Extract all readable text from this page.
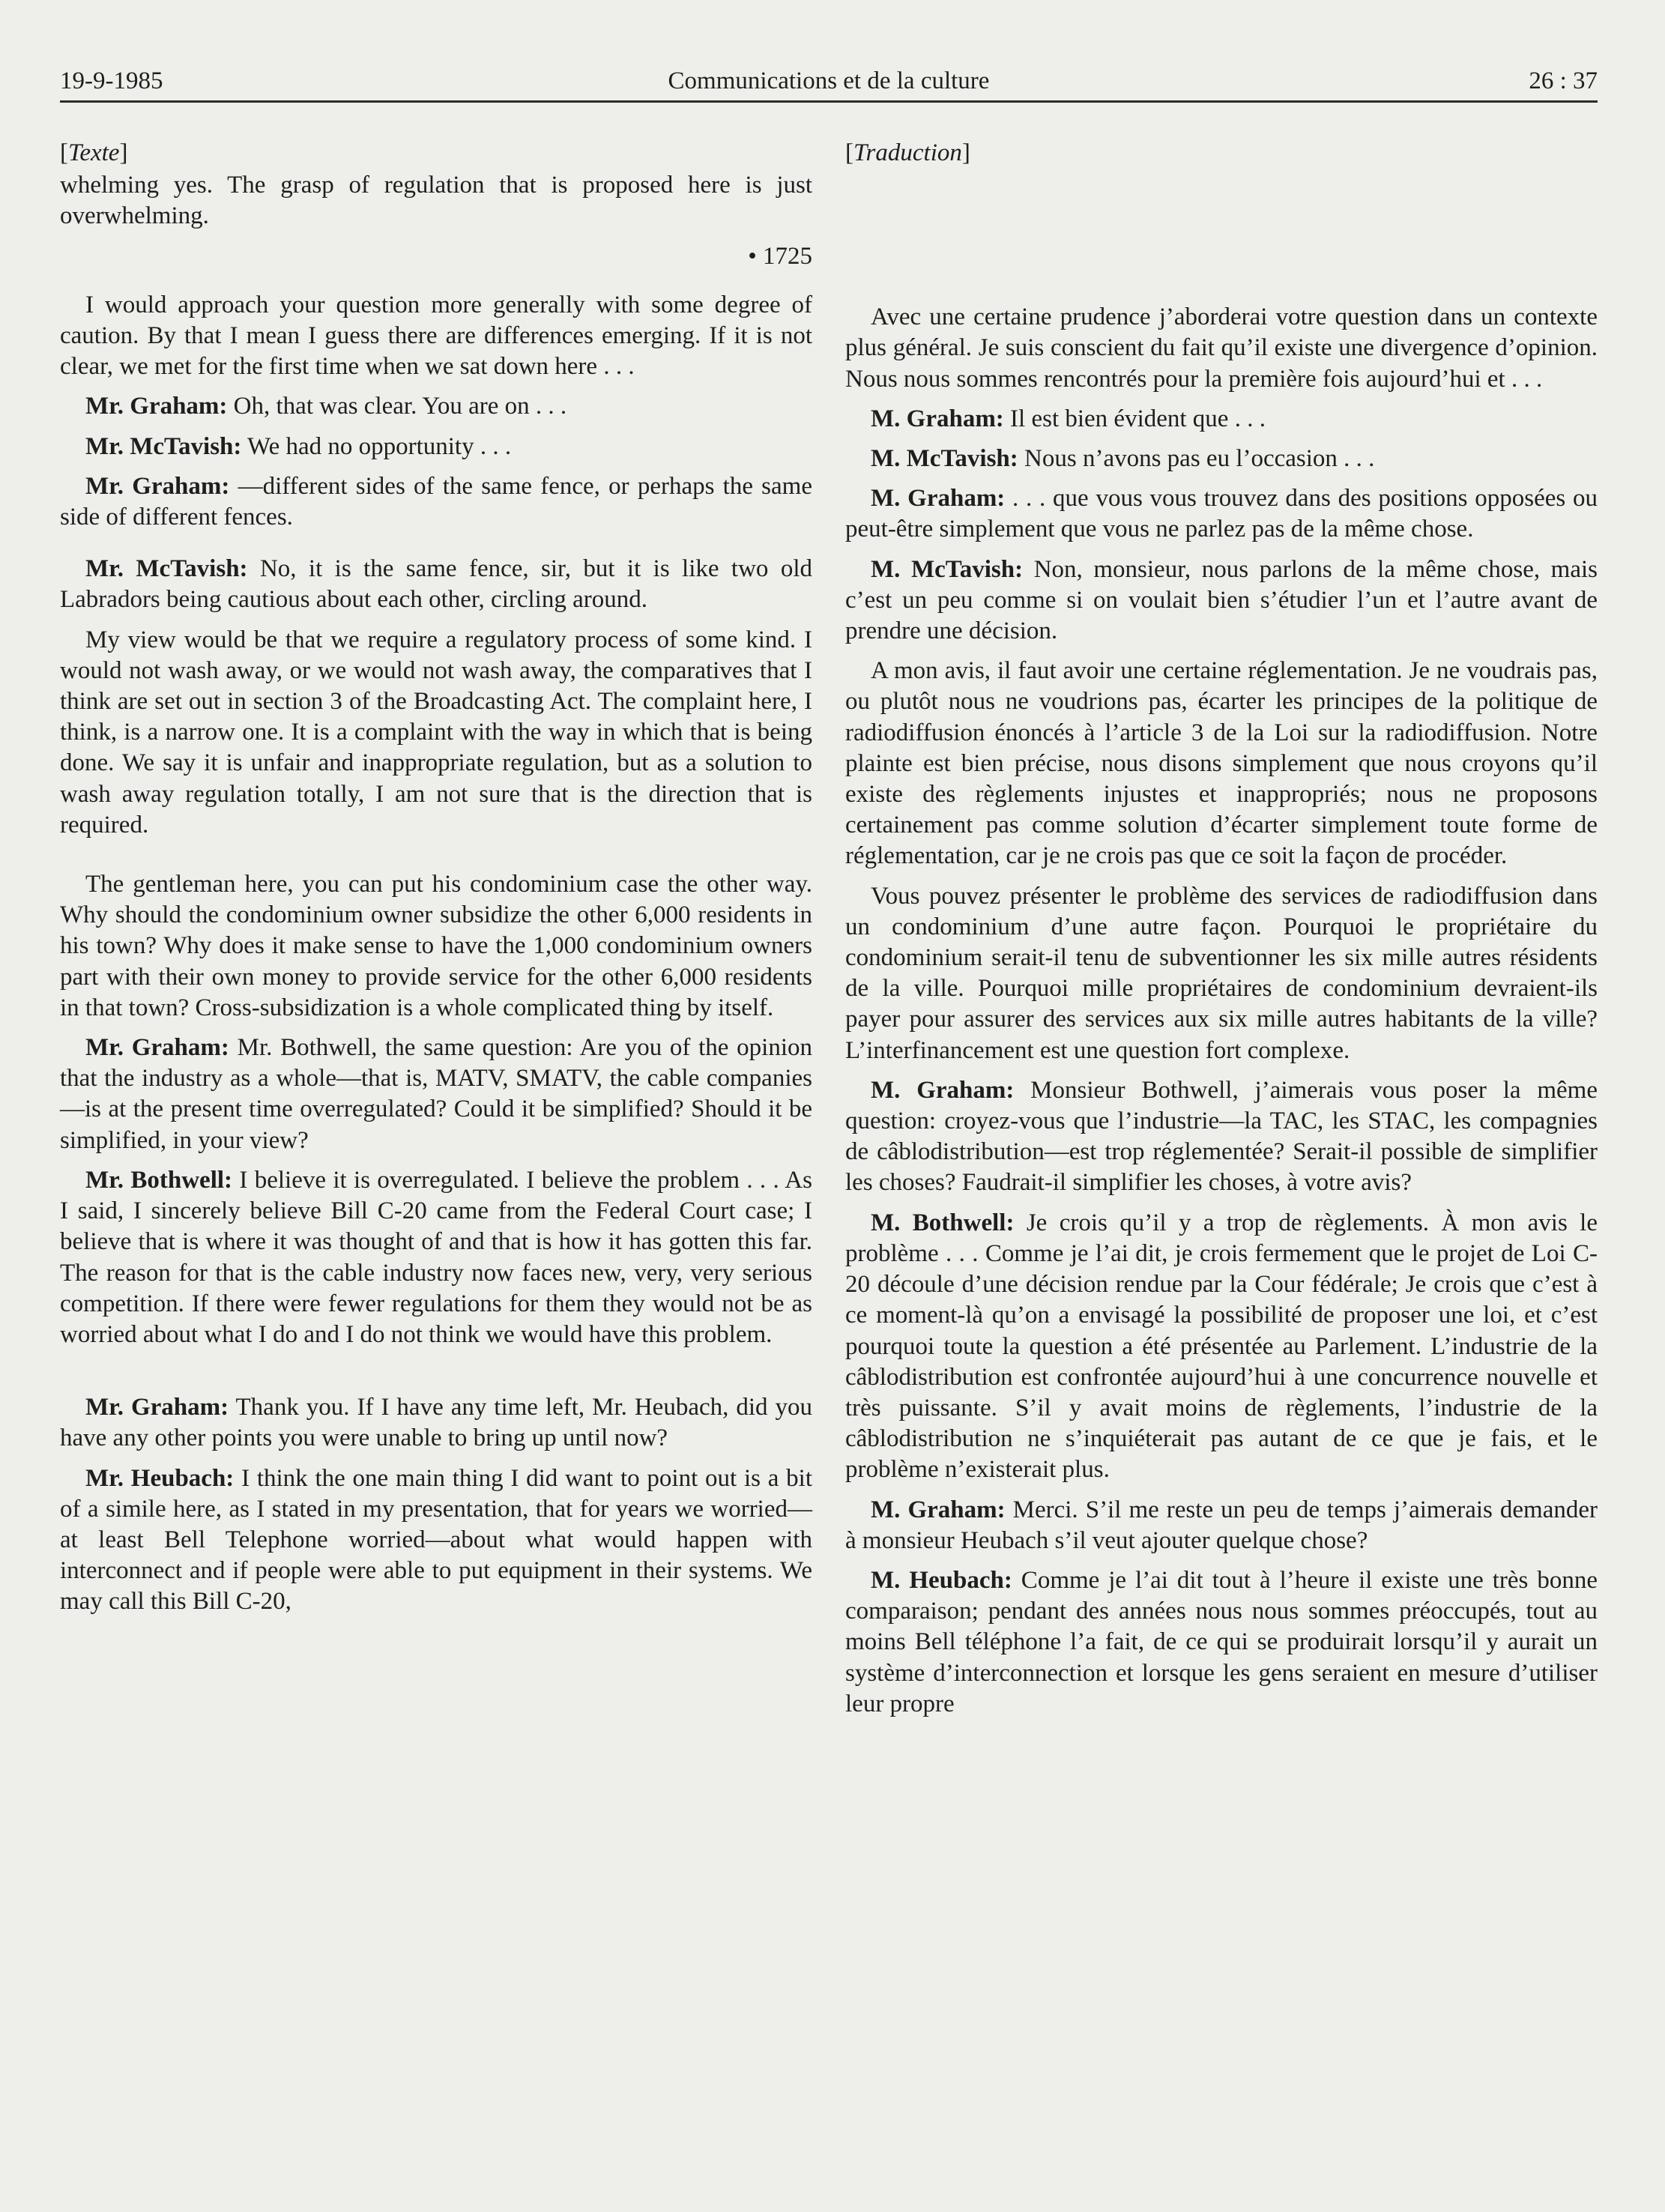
19-9-1985	Communications et de la culture	26 : 37
[Texte]

whelming yes. The grasp of regulation that is proposed here is just overwhelming.

• 1725

I would approach your question more generally with some degree of caution. By that I mean I guess there are differences emerging. If it is not clear, we met for the first time when we sat down here . . .

Mr. Graham: Oh, that was clear. You are on . . .

Mr. McTavish: We had no opportunity . . .

Mr. Graham: —different sides of the same fence, or perhaps the same side of different fences.

Mr. McTavish: No, it is the same fence, sir, but it is like two old Labradors being cautious about each other, circling around.

My view would be that we require a regulatory process of some kind. I would not wash away, or we would not wash away, the comparatives that I think are set out in section 3 of the Broadcasting Act. The complaint here, I think, is a narrow one. It is a complaint with the way in which that is being done. We say it is unfair and inappropriate regulation, but as a solution to wash away regulation totally, I am not sure that is the direction that is required.

The gentleman here, you can put his condominium case the other way. Why should the condominium owner subsidize the other 6,000 residents in his town? Why does it make sense to have the 1,000 condominium owners part with their own money to provide service for the other 6,000 residents in that town? Cross-subsidization is a whole complicated thing by itself.

Mr. Graham: Mr. Bothwell, the same question: Are you of the opinion that the industry as a whole—that is, MATV, SMATV, the cable companies—is at the present time overregulated? Could it be simplified? Should it be simplified, in your view?

Mr. Bothwell: I believe it is overregulated. I believe the problem . . . As I said, I sincerely believe Bill C-20 came from the Federal Court case; I believe that is where it was thought of and that is how it has gotten this far. The reason for that is the cable industry now faces new, very, very serious competition. If there were fewer regulations for them they would not be as worried about what I do and I do not think we would have this problem.

Mr. Graham: Thank you. If I have any time left, Mr. Heubach, did you have any other points you were unable to bring up until now?

Mr. Heubach: I think the one main thing I did want to point out is a bit of a simile here, as I stated in my presentation, that for years we worried—at least Bell Telephone worried—about what would happen with interconnect and if people were able to put equipment in their systems. We may call this Bill C-20,

[Traduction]

Avec une certaine prudence j’aborderai votre question dans un contexte plus général. Je suis conscient du fait qu’il existe une divergence d’opinion. Nous nous sommes rencontrés pour la première fois aujourd’hui et . . .

M. Graham: Il est bien évident que . . .

M. McTavish: Nous n’avons pas eu l’occasion . . .

M. Graham: . . . que vous vous trouvez dans des positions opposées ou peut-être simplement que vous ne parlez pas de la même chose.

M. McTavish: Non, monsieur, nous parlons de la même chose, mais c’est un peu comme si on voulait bien s’étudier l’un et l’autre avant de prendre une décision.

A mon avis, il faut avoir une certaine réglementation. Je ne voudrais pas, ou plutôt nous ne voudrions pas, écarter les principes de la politique de radiodiffusion énoncés à l’article 3 de la Loi sur la radiodiffusion. Notre plainte est bien précise, nous disons simplement que nous croyons qu’il existe des règlements injustes et inappropriés; nous ne proposons certainement pas comme solution d’écarter simplement toute forme de réglementation, car je ne crois pas que ce soit la façon de procéder.

Vous pouvez présenter le problème des services de radiodiffusion dans un condominium d’une autre façon. Pourquoi le propriétaire du condominium serait-il tenu de subventionner les six mille autres résidents de la ville. Pourquoi mille propriétaires de condominium devraient-ils payer pour assurer des services aux six mille autres habitants de la ville? L’interfinancement est une question fort complexe.

M. Graham: Monsieur Bothwell, j’aimerais vous poser la même question: croyez-vous que l’industrie—la TAC, les STAC, les compagnies de câblodistribution—est trop réglementée? Serait-il possible de simplifier les choses? Faudrait-il simplifier les choses, à votre avis?

M. Bothwell: Je crois qu’il y a trop de règlements. À mon avis le problème . . . Comme je l’ai dit, je crois fermement que le projet de Loi C-20 découle d’une décision rendue par la Cour fédérale; Je crois que c’est à ce moment-là qu’on a envisagé la possibilité de proposer une loi, et c’est pourquoi toute la question a été présentée au Parlement. L’industrie de la câblodistribution est confrontée aujourd’hui à une concurrence nouvelle et très puissante. S’il y avait moins de règlements, l’industrie de la câblodistribution ne s’inquiéterait pas autant de ce que je fais, et le problème n’existerait plus.

M. Graham: Merci. S’il me reste un peu de temps j’aimerais demander à monsieur Heubach s’il veut ajouter quelque chose?

M. Heubach: Comme je l’ai dit tout à l’heure il existe une très bonne comparaison; pendant des années nous nous sommes préoccupés, tout au moins Bell téléphone l’a fait, de ce qui se produirait lorsqu’il y aurait un système d’interconnection et lorsque les gens seraient en mesure d’utiliser leur propre
